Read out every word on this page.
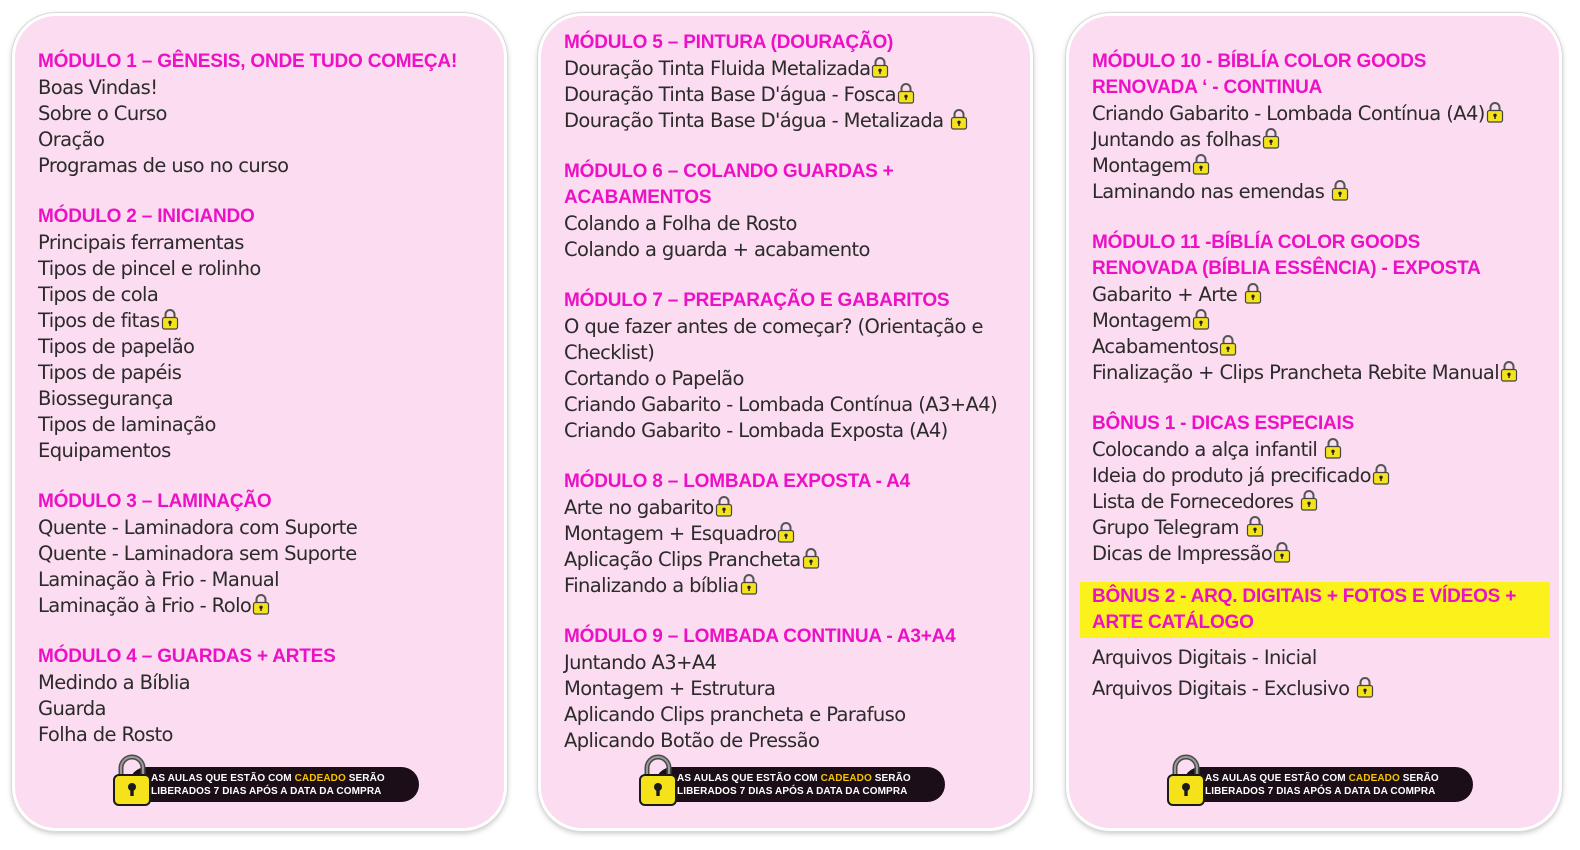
MÓDULO 1 – GÊNESIS, ONDE TUDO COMEÇA!
Boas Vindas!
Sobre o Curso
Oração
Programas de uso no curso
MÓDULO 2 – INICIANDO
Principais ferramentas
Tipos de pincel e rolinho
Tipos de cola
Tipos de fitas
Tipos de papelão
Tipos de papéis
Biossegurança
Tipos de laminação
Equipamentos
MÓDULO 3 – LAMINAÇÃO
Quente - Laminadora com Suporte
Quente - Laminadora sem Suporte
Laminação à Frio - Manual
Laminação à Frio - Rolo
MÓDULO 4 – GUARDAS + ARTES
Medindo a Bíblia
Guarda
Folha de Rosto
AS AULAS QUE ESTÃO COM CADEADO SERÃO
LIBERADOS 7 DIAS APÓS A DATA DA COMPRA
MÓDULO 5 – PINTURA (DOURAÇÃO)
Douração Tinta Fluida Metalizada
Douração Tinta Base D'água - Fosca
Douração Tinta Base D'água - Metalizada
MÓDULO 6 – COLANDO GUARDAS + ACABAMENTOS
Colando a Folha de Rosto
Colando a guarda + acabamento
MÓDULO 7 – PREPARAÇÃO E GABARITOS
O que fazer antes de começar? (Orientação e
Checklist)
Cortando o Papelão
Criando Gabarito - Lombada Contínua (A3+A4)
Criando Gabarito - Lombada Exposta (A4)
MÓDULO 8 – LOMBADA EXPOSTA - A4
Arte no gabarito
Montagem + Esquadro
Aplicação Clips Prancheta
Finalizando a bíblia
MÓDULO 9 – LOMBADA CONTINUA - A3+A4
Juntando A3+A4
Montagem + Estrutura
Aplicando Clips prancheta e Parafuso
Aplicando Botão de Pressão
AS AULAS QUE ESTÃO COM CADEADO SERÃO
LIBERADOS 7 DIAS APÓS A DATA DA COMPRA
MÓDULO 10 - BÍBLÍA COLOR GOODS RENOVADA ‘ - CONTINUA
Criando Gabarito - Lombada Contínua (A4)
Juntando as folhas
Montagem
Laminando nas emendas
MÓDULO 11 -BÍBLÍA COLOR GOODS RENOVADA (BÍBLIA ESSÊNCIA) - EXPOSTA
Gabarito + Arte
Montagem
Acabamentos
Finalização + Clips Prancheta Rebite Manual
BÔNUS 1 - DICAS ESPECIAIS
Colocando a alça infantil
Ideia do produto já precificado
Lista de Fornecedores
Grupo Telegram
Dicas de Impressão
BÔNUS 2 - ARQ. DIGITAIS + FOTOS E VÍDEOS + ARTE CATÁLOGO
Arquivos Digitais - Inicial
Arquivos Digitais - Exclusivo
AS AULAS QUE ESTÃO COM CADEADO SERÃO
LIBERADOS 7 DIAS APÓS A DATA DA COMPRA
